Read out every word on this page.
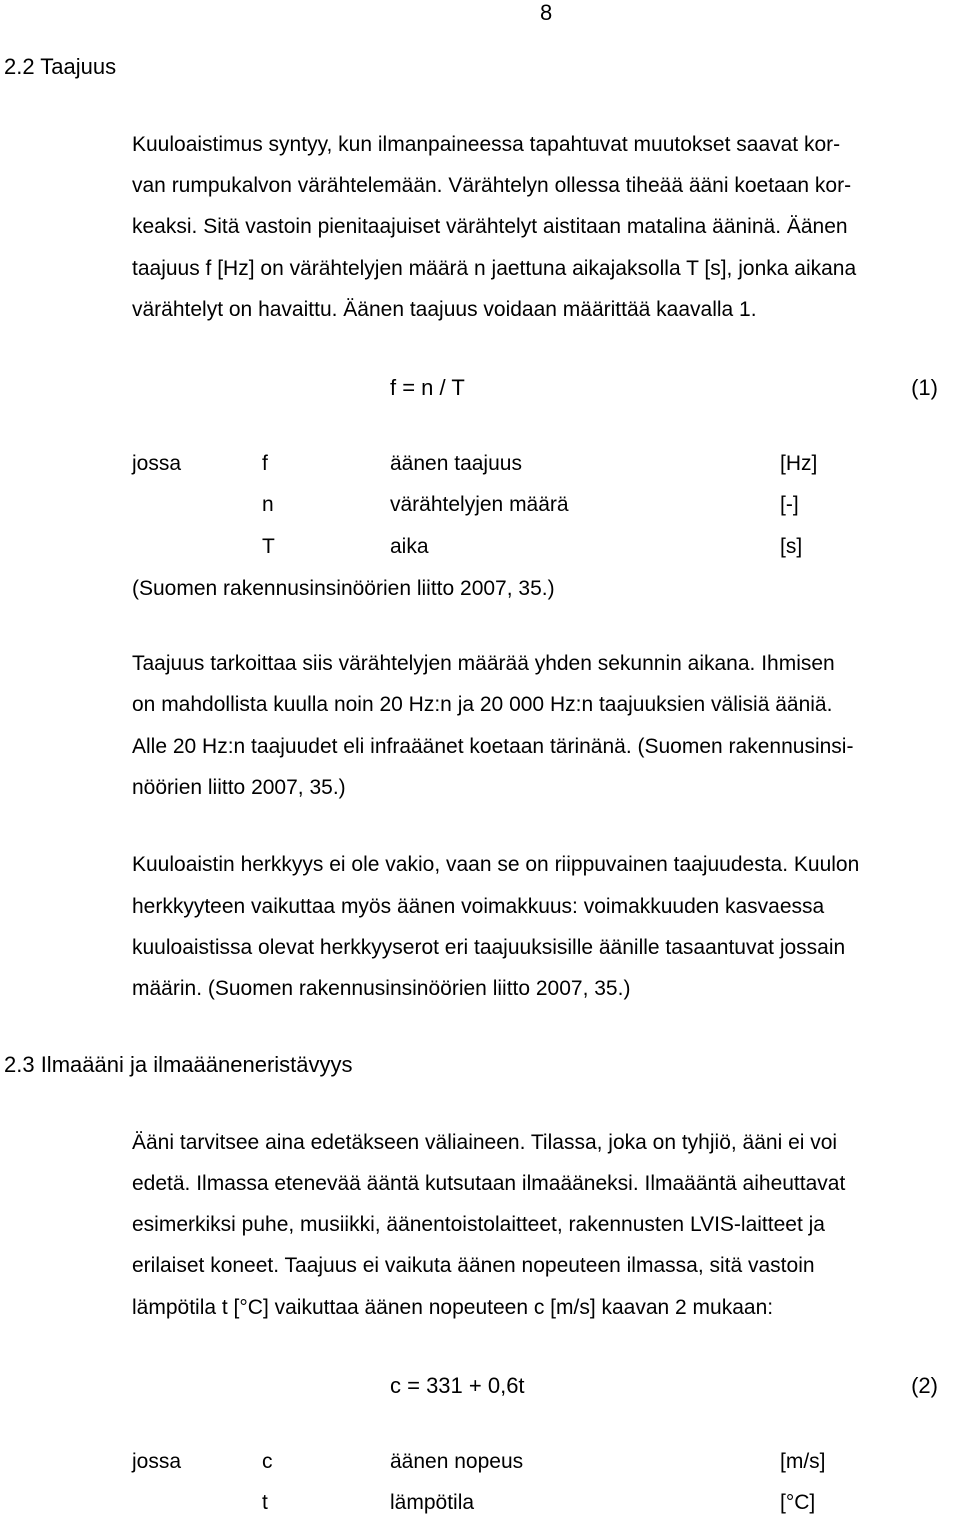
8
2.2 Taajuus
Kuuloaistimus syntyy, kun ilmanpaineessa tapahtuvat muutokset saavat kor-
van rumpukalvon värähtelemään. Värähtelyn ollessa tiheää ääni koetaan kor-
keaksi. Sitä vastoin pienitaajuiset värähtelyt aistitaan matalina ääninä. Äänen
taajuus f [Hz] on värähtelyjen määrä n jaettuna aikajaksolla T [s], jonka aikana
värähtelyt on havaittu. Äänen taajuus voidaan määrittää kaavalla 1.
f = n / T	(1)
jossa	f	äänen taajuus	[Hz]
n	värähtelyjen määrä	[-]
T	aika	[s]
(Suomen rakennusinsinöörien liitto 2007, 35.)
Taajuus tarkoittaa siis värähtelyjen määrää yhden sekunnin aikana. Ihmisen
on mahdollista kuulla noin 20 Hz:n ja 20 000 Hz:n taajuuksien välisiä ääniä.
Alle 20 Hz:n taajuudet eli infraäänet koetaan tärinänä. (Suomen rakennusinsi-
nöörien liitto 2007, 35.)
Kuuloaistin herkkyys ei ole vakio, vaan se on riippuvainen taajuudesta. Kuulon
herkkyyteen vaikuttaa myös äänen voimakkuus: voimakkuuden kasvaessa
kuuloaistissa olevat herkkyyserot eri taajuuksisille äänille tasaantuvat jossain
määrin. (Suomen rakennusinsinöörien liitto 2007, 35.)
2.3 Ilmaääni ja ilmaääneneristävyys
Ääni tarvitsee aina edetäkseen väliaineen. Tilassa, joka on tyhjiö, ääni ei voi
edetä. Ilmassa etenevää ääntä kutsutaan ilmaääneksi. Ilmaääntä aiheuttavat
esimerkiksi puhe, musiikki, äänentoistolaitteet, rakennusten LVIS-laitteet ja
erilaiset koneet. Taajuus ei vaikuta äänen nopeuteen ilmassa, sitä vastoin
lämpötila t [°C] vaikuttaa äänen nopeuteen c [m/s] kaavan 2 mukaan:
c = 331 + 0,6t	(2)
jossa	c	äänen nopeus	[m/s]
t	lämpötila	[°C]
